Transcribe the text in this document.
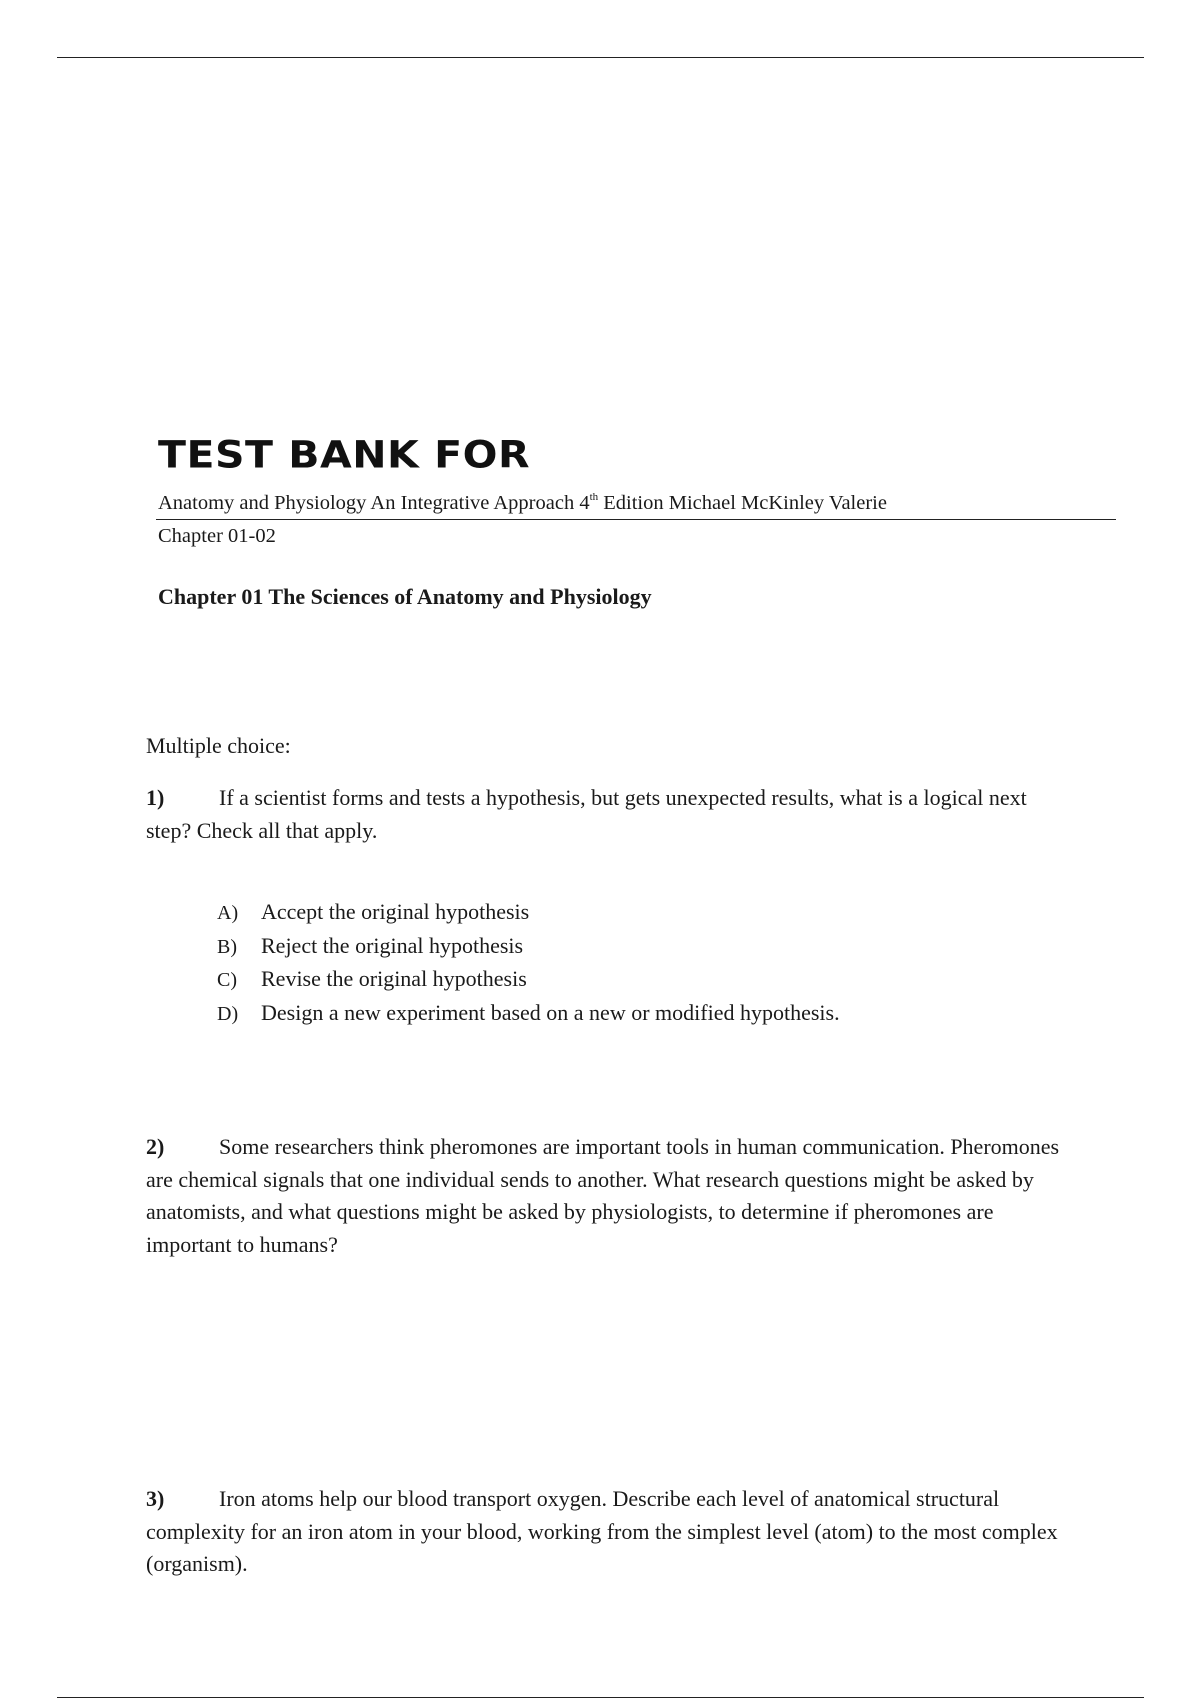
TEST BANK FOR
Anatomy and Physiology An Integrative Approach 4th Edition Michael McKinley Valerie
Chapter 01-02
Chapter 01 The Sciences of Anatomy and Physiology
Multiple choice:
1) If a scientist forms and tests a hypothesis, but gets unexpected results, what is a logical next step? Check all that apply.
A) Accept the original hypothesis
B) Reject the original hypothesis
C) Revise the original hypothesis
D) Design a new experiment based on a new or modified hypothesis.
2) Some researchers think pheromones are important tools in human communication. Pheromones are chemical signals that one individual sends to another. What research questions might be asked by anatomists, and what questions might be asked by physiologists, to determine if pheromones are important to humans?
3) Iron atoms help our blood transport oxygen. Describe each level of anatomical structural complexity for an iron atom in your blood, working from the simplest level (atom) to the most complex (organism).
